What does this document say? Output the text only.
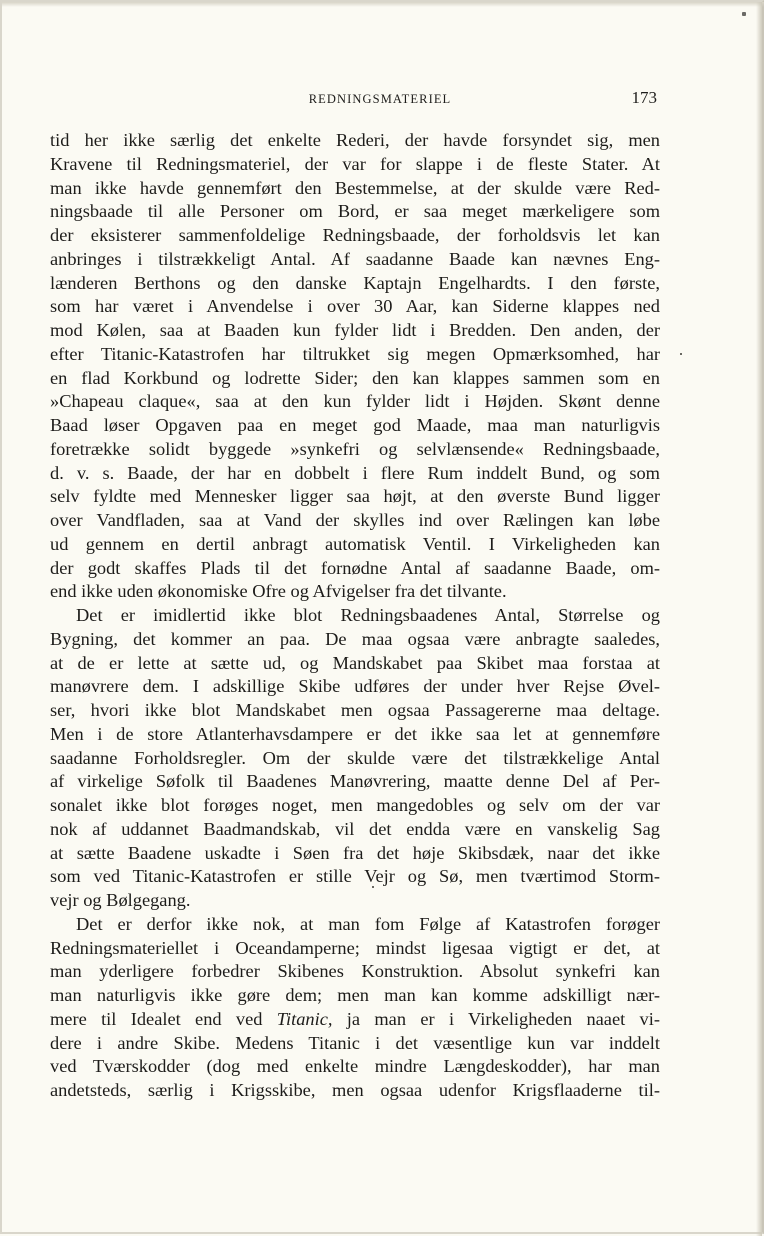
REDNINGSMATERIEL	173
tid her ikke særlig det enkelte Rederi, der havde forsyndet sig, men
Kravene til Redningsmateriel, der var for slappe i de fleste Stater. At
man ikke havde gennemført den Bestemmelse, at der skulde være Red-
ningsbaade til alle Personer om Bord, er saa meget mærkeligere som
der eksisterer sammenfoldelige Redningsbaade, der forholdsvis let kan
anbringes i tilstrækkeligt Antal. Af saadanne Baade kan nævnes Eng-
lænderen Berthons og den danske Kaptajn Engelhardts. I den første,
som har været i Anvendelse i over 30 Aar, kan Siderne klappes ned
mod Kølen, saa at Baaden kun fylder lidt i Bredden. Den anden, der
efter Titanic-Katastrofen har tiltrukket sig megen Opmærksomhed, har
en flad Korkbund og lodrette Sider; den kan klappes sammen som en
»Chapeau claque«, saa at den kun fylder lidt i Højden. Skønt denne
Baad løser Opgaven paa en meget god Maade, maa man naturligvis
foretrække solidt byggede »synkefri og selvlænsende« Redningsbaade,
d. v. s. Baade, der har en dobbelt i flere Rum inddelt Bund, og som
selv fyldte med Mennesker ligger saa højt, at den øverste Bund ligger
over Vandfladen, saa at Vand der skylles ind over Rælingen kan løbe
ud gennem en dertil anbragt automatisk Ventil. I Virkeligheden kan
der godt skaffes Plads til det fornødne Antal af saadanne Baade, om-
end ikke uden økonomiske Ofre og Afvigelser fra det tilvante.
Det er imidlertid ikke blot Redningsbaadenes Antal, Størrelse og
Bygning, det kommer an paa. De maa ogsaa være anbragte saaledes,
at de er lette at sætte ud, og Mandskabet paa Skibet maa forstaa at
manøvrere dem. I adskillige Skibe udføres der under hver Rejse Øvel-
ser, hvori ikke blot Mandskabet men ogsaa Passagererne maa deltage.
Men i de store Atlanterhavsdampere er det ikke saa let at gennemføre
saadanne Forholdsregler. Om der skulde være det tilstrækkelige Antal
af virkelige Søfolk til Baadenes Manøvrering, maatte denne Del af Per-
sonalet ikke blot forøges noget, men mangedobles og selv om der var
nok af uddannet Baadmandskab, vil det endda være en vanskelig Sag
at sætte Baadene uskadte i Søen fra det høje Skibsdæk, naar det ikke
som ved Titanic-Katastrofen er stille Vejr og Sø, men tværtimod Storm-
vejr og Bølgegang.
Det er derfor ikke nok, at man fom Følge af Katastrofen forøger
Redningsmateriellet i Oceandamperne; mindst ligesaa vigtigt er det, at
man yderligere forbedrer Skibenes Konstruktion. Absolut synkefri kan
man naturligvis ikke gøre dem; men man kan komme adskilligt nær-
mere til Idealet end ved Titanic, ja man er i Virkeligheden naaet vi-
dere i andre Skibe. Medens Titanic i det væsentlige kun var inddelt
ved Tværskodder (dog med enkelte mindre Længdeskodder), har man
andetsteds, særlig i Krigsskibe, men ogsaa udenfor Krigsflaaderne til-
